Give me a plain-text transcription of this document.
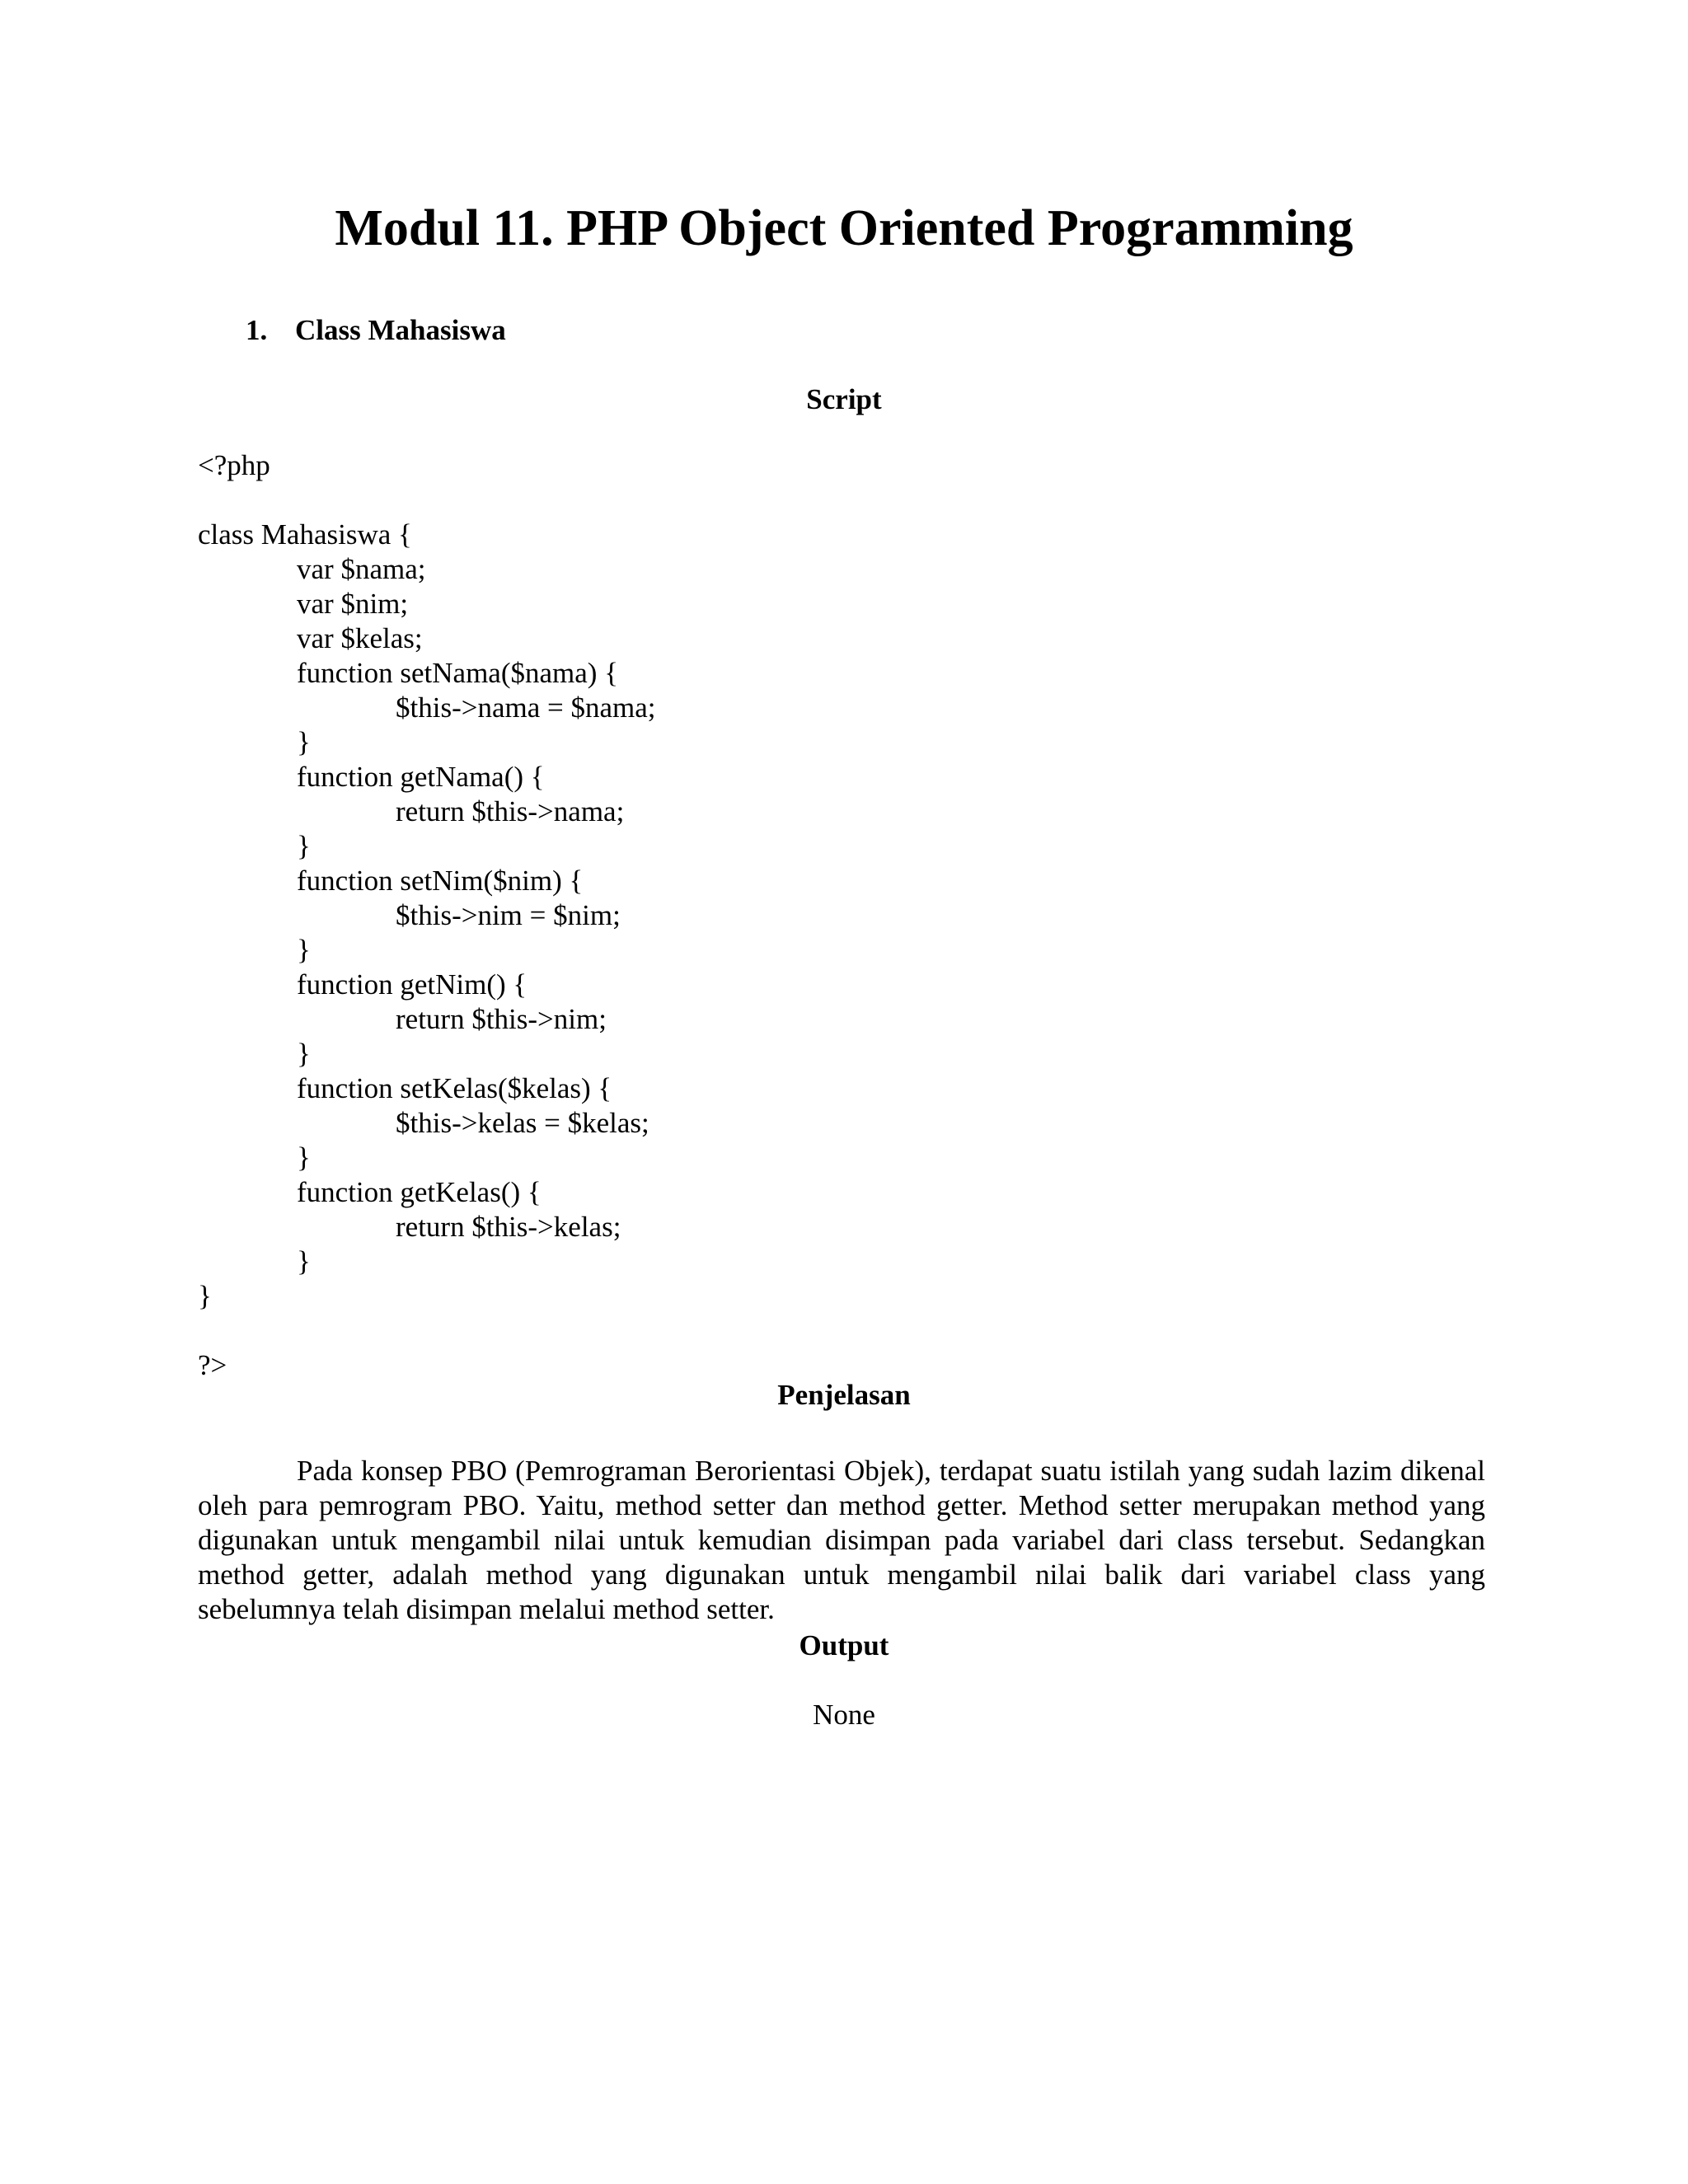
Modul 11. PHP Object Oriented Programming
1. Class Mahasiswa
Script
<?php
class Mahasiswa {
var $nama;
var $nim;
var $kelas;
function setNama($nama) {
$this->nama = $nama;
}
function getNama() {
return $this->nama;
}
function setNim($nim) {
$this->nim = $nim;
}
function getNim() {
return $this->nim;
}
function setKelas($kelas) {
$this->kelas = $kelas;
}
function getKelas() {
return $this->kelas;
}
}
?>
Penjelasan

Pada konsep PBO (Pemrograman Berorientasi Objek), terdapat suatu istilah yang sudah lazim dikenal oleh para pemrogram PBO. Yaitu, method setter dan method getter. Method setter merupakan method yang digunakan untuk mengambil nilai untuk kemudian disimpan pada variabel dari class tersebut. Sedangkan method getter, adalah method yang digunakan untuk mengambil nilai balik dari variabel class yang sebelumnya telah disimpan melalui method setter.

Output

None
